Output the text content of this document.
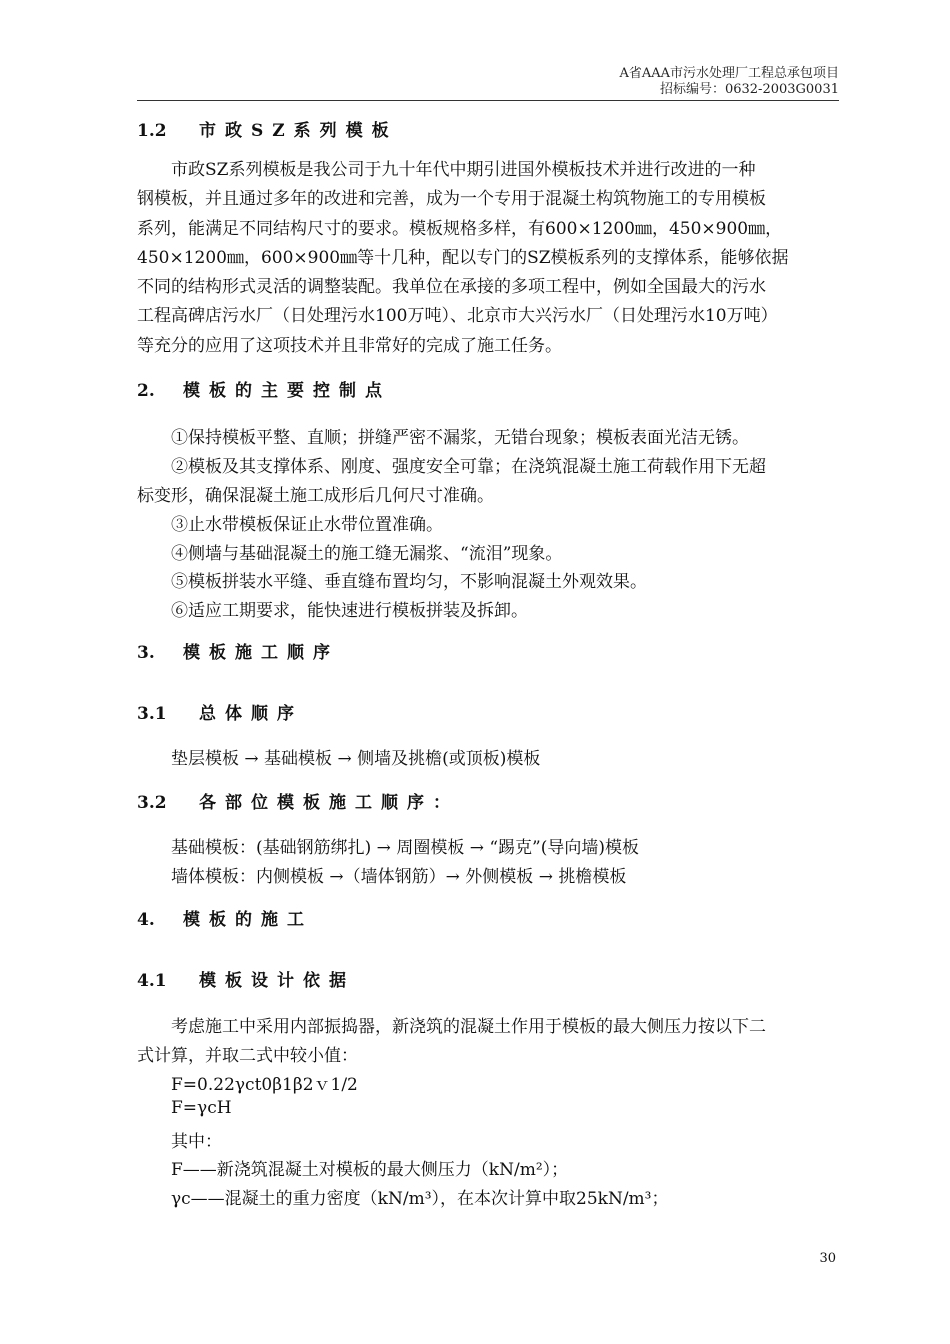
A省AAA市污水处理厂工程总承包项目
招标编号：0632-2003G0031
1.2 市政SZ系列模板
市政SZ系列模板是我公司于九十年代中期引进国外模板技术并进行改进的一种
钢模板，并且通过多年的改进和完善，成为一个专用于混凝土构筑物施工的专用模板
系列，能满足不同结构尺寸的要求。模板规格多样，有600×1200㎜，450×900㎜，
450×1200㎜，600×900㎜等十几种，配以专门的SZ模板系列的支撑体系，能够依据
不同的结构形式灵活的调整装配。我单位在承接的多项工程中，例如全国最大的污水
工程高碑店污水厂（日处理污水100万吨）、北京市大兴污水厂（日处理污水10万吨）
等充分的应用了这项技术并且非常好的完成了施工任务。
2. 模板的主要控制点
①保持模板平整、直顺；拼缝严密不漏浆，无错台现象；模板表面光洁无锈。
②模板及其支撑体系、刚度、强度安全可靠；在浇筑混凝土施工荷载作用下无超
标变形，确保混凝土施工成形后几何尺寸准确。
③止水带模板保证止水带位置准确。
④侧墙与基础混凝土的施工缝无漏浆、“流泪”现象。
⑤模板拼装水平缝、垂直缝布置均匀，不影响混凝土外观效果。
⑥适应工期要求，能快速进行模板拼装及拆卸。
3. 模板施工顺序
3.1 总体顺序
垫层模板 → 基础模板 → 侧墙及挑檐(或顶板)模板
3.2 各部位模板施工顺序：
基础模板：(基础钢筋绑扎) → 周圈模板 → “踢克”(导向墙)模板
墙体模板：内侧模板 →（墙体钢筋）→ 外侧模板 → 挑檐模板
4. 模板的施工
4.1 模板设计依据
考虑施工中采用内部振捣器，新浇筑的混凝土作用于模板的最大侧压力按以下二
式计算，并取二式中较小值：
F=0.22γct0β1β2ｖ1/2
F=γcH
其中：
F——新浇筑混凝土对模板的最大侧压力（kN/m²）；
γc——混凝土的重力密度（kN/m³），在本次计算中取25kN/m³；
30
